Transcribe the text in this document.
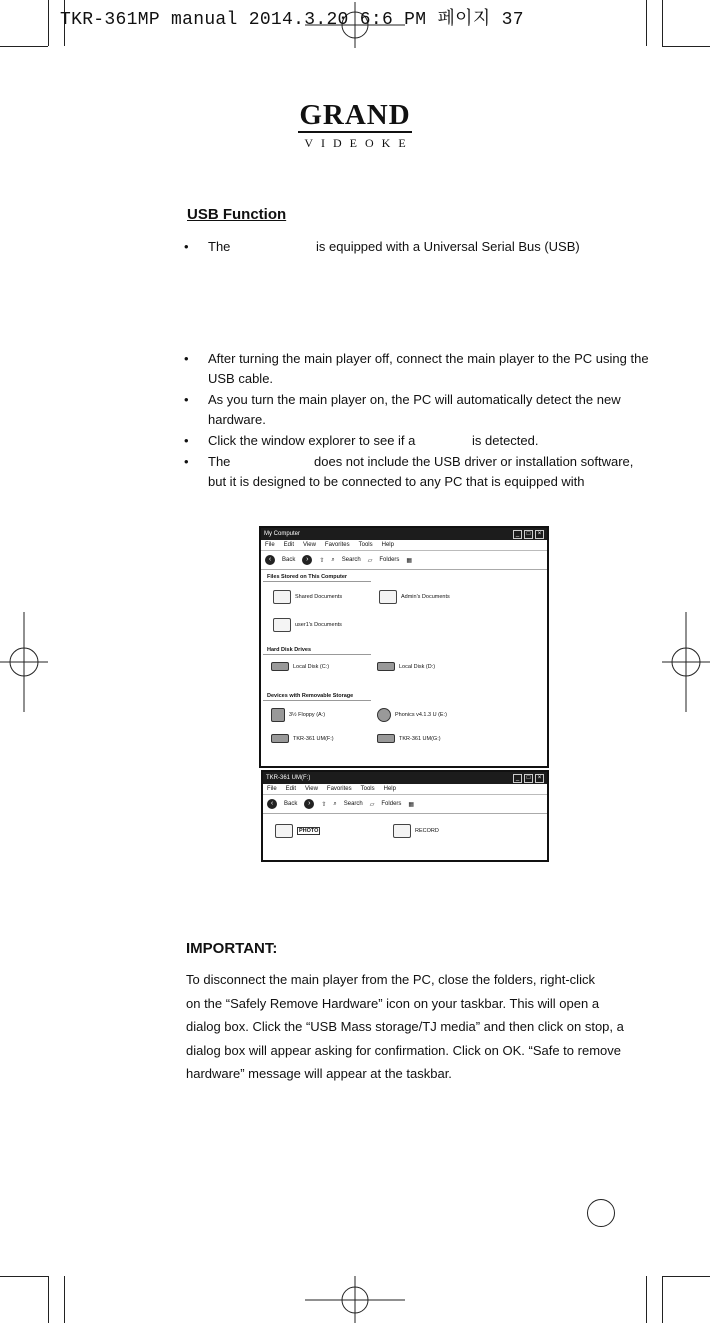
TKR-361MP manual 2014.3.20 6:6 PM 페이지 37
GRAND
VIDEOKE
USB Function
• The	is equipped with a Universal Serial Bus (USB)
• After turning the main player off, connect the main player to the PC using the
USB cable.
• As you turn the main player on, the PC will automatically detect the new
hardware.
• Click the window explorer to see if a	is detected.
• The	does not include the USB driver or installation software,
but it is designed to be connected to any PC that is equipped with
My Computer	_	□	×
File Edit View Favorites Tools Help
‹	Back	›	⇧ ⌕ Search ▱ Folders ▦
Files Stored on This Computer
Shared Documents	Admin's Documents
user1's Documents
Hard Disk Drives
Local Disk (C:)	Local Disk (D:)
Devices with Removable Storage
3½ Floppy (A:)	Phonics v4.1.3 U (E:)
TKR-361 UM(F:)	TKR-361 UM(G:)
TKR-361 UM(F:)	_	□	×
File Edit View Favorites Tools Help
‹	Back	›	⇧ ⌕ Search ▱ Folders ▦
PHOTO	RECORD
IMPORTANT:
To disconnect the main player from the PC, close the folders, right-click
on the “Safely Remove Hardware” icon on your taskbar. This will open a
dialog box. Click the “USB Mass storage/TJ media” and then click on stop, a
dialog box will appear asking for confirmation. Click on OK. “Safe to remove
hardware” message will appear at the taskbar.
